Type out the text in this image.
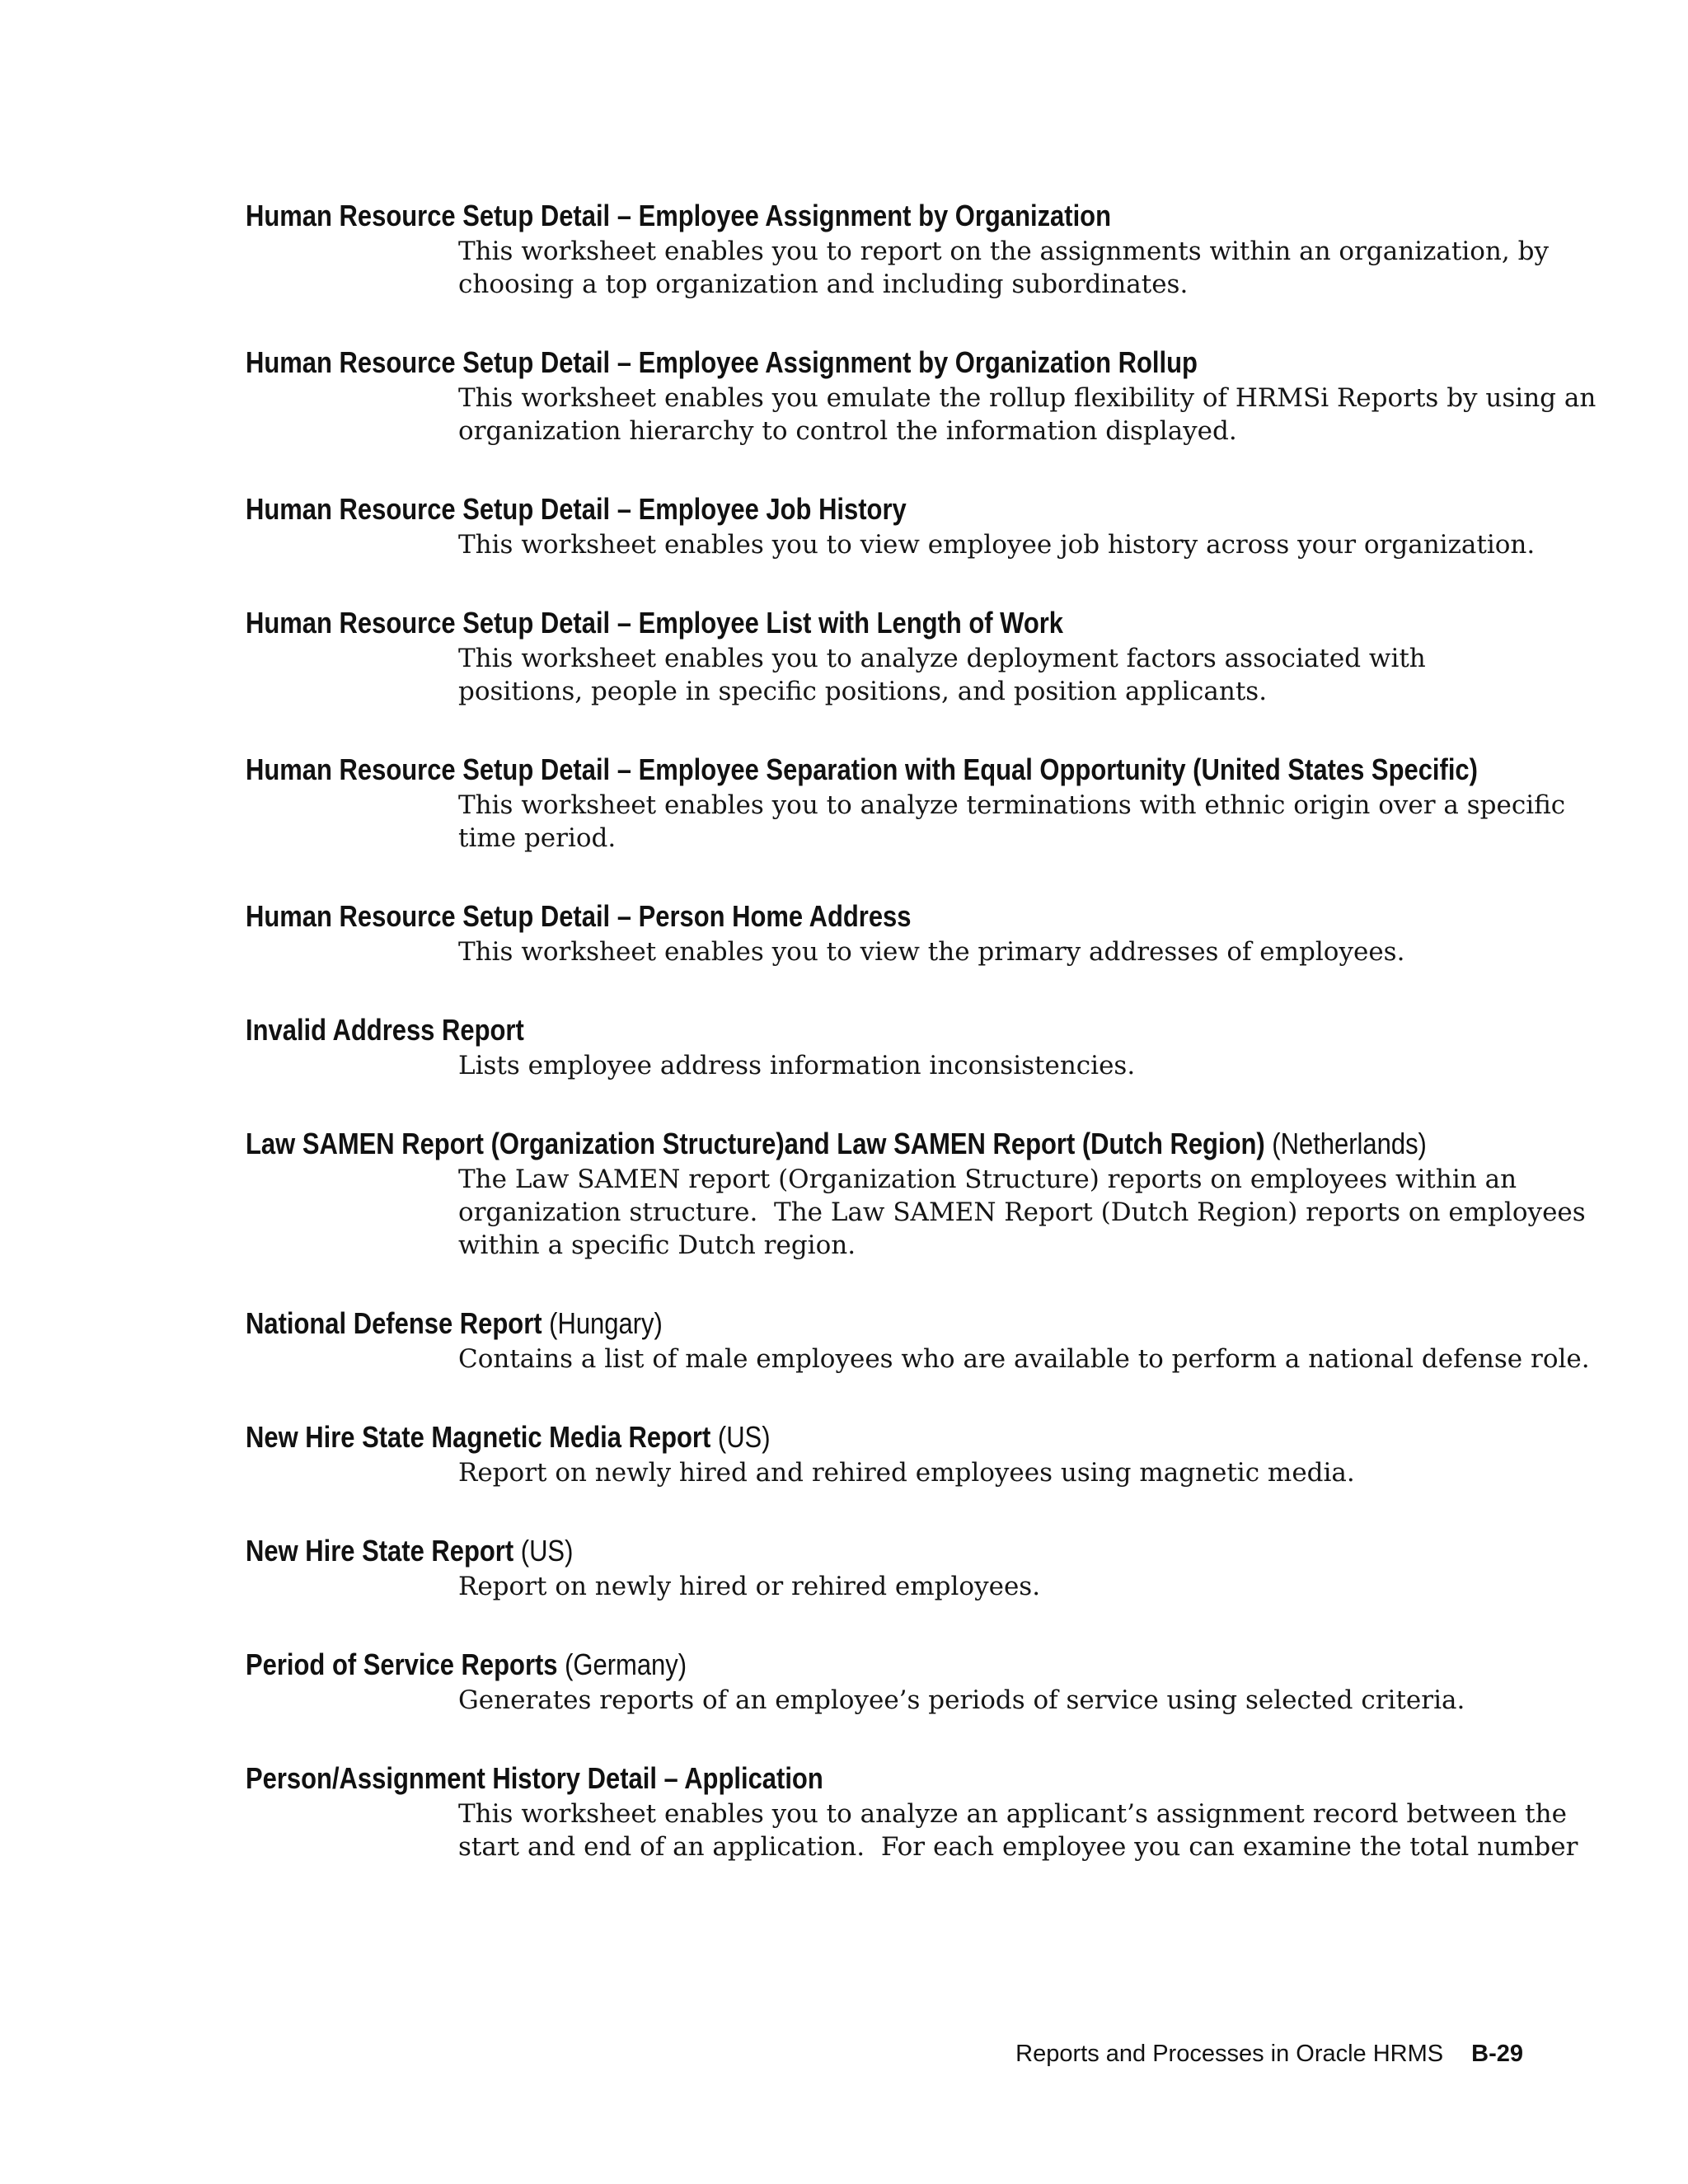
Human Resource Setup Detail – Employee Assignment by Organization
This worksheet enables you to report on the assignments within an organization, by
choosing a top organization and including subordinates.
Human Resource Setup Detail – Employee Assignment by Organization Rollup
This worksheet enables you emulate the rollup flexibility of HRMSi Reports by using an
organization hierarchy to control the information displayed.
Human Resource Setup Detail – Employee Job History
This worksheet enables you to view employee job history across your organization.
Human Resource Setup Detail – Employee List with Length of Work
This worksheet enables you to analyze deployment factors associated with
positions, people in specific positions, and position applicants.
Human Resource Setup Detail – Employee Separation with Equal Opportunity (United States Specific)
This worksheet enables you to analyze terminations with ethnic origin over a specific
time period.
Human Resource Setup Detail – Person Home Address
This worksheet enables you to view the primary addresses of employees.
Invalid Address Report
Lists employee address information inconsistencies.
Law SAMEN Report (Organization Structure)and Law SAMEN Report (Dutch Region) (Netherlands)
The Law SAMEN report (Organization Structure) reports on employees within an
organization structure.  The Law SAMEN Report (Dutch Region) reports on employees
within a specific Dutch region.
National Defense Report (Hungary)
Contains a list of male employees who are available to perform a national defense role.
New Hire State Magnetic Media Report (US)
Report on newly hired and rehired employees using magnetic media.
New Hire State Report (US)
Report on newly hired or rehired employees.
Period of Service Reports (Germany)
Generates reports of an employee’s periods of service using selected criteria.
Person/Assignment History Detail – Application
This worksheet enables you to analyze an applicant’s assignment record between the
start and end of an application.  For each employee you can examine the total number
Reports and Processes in Oracle HRMS B-29
